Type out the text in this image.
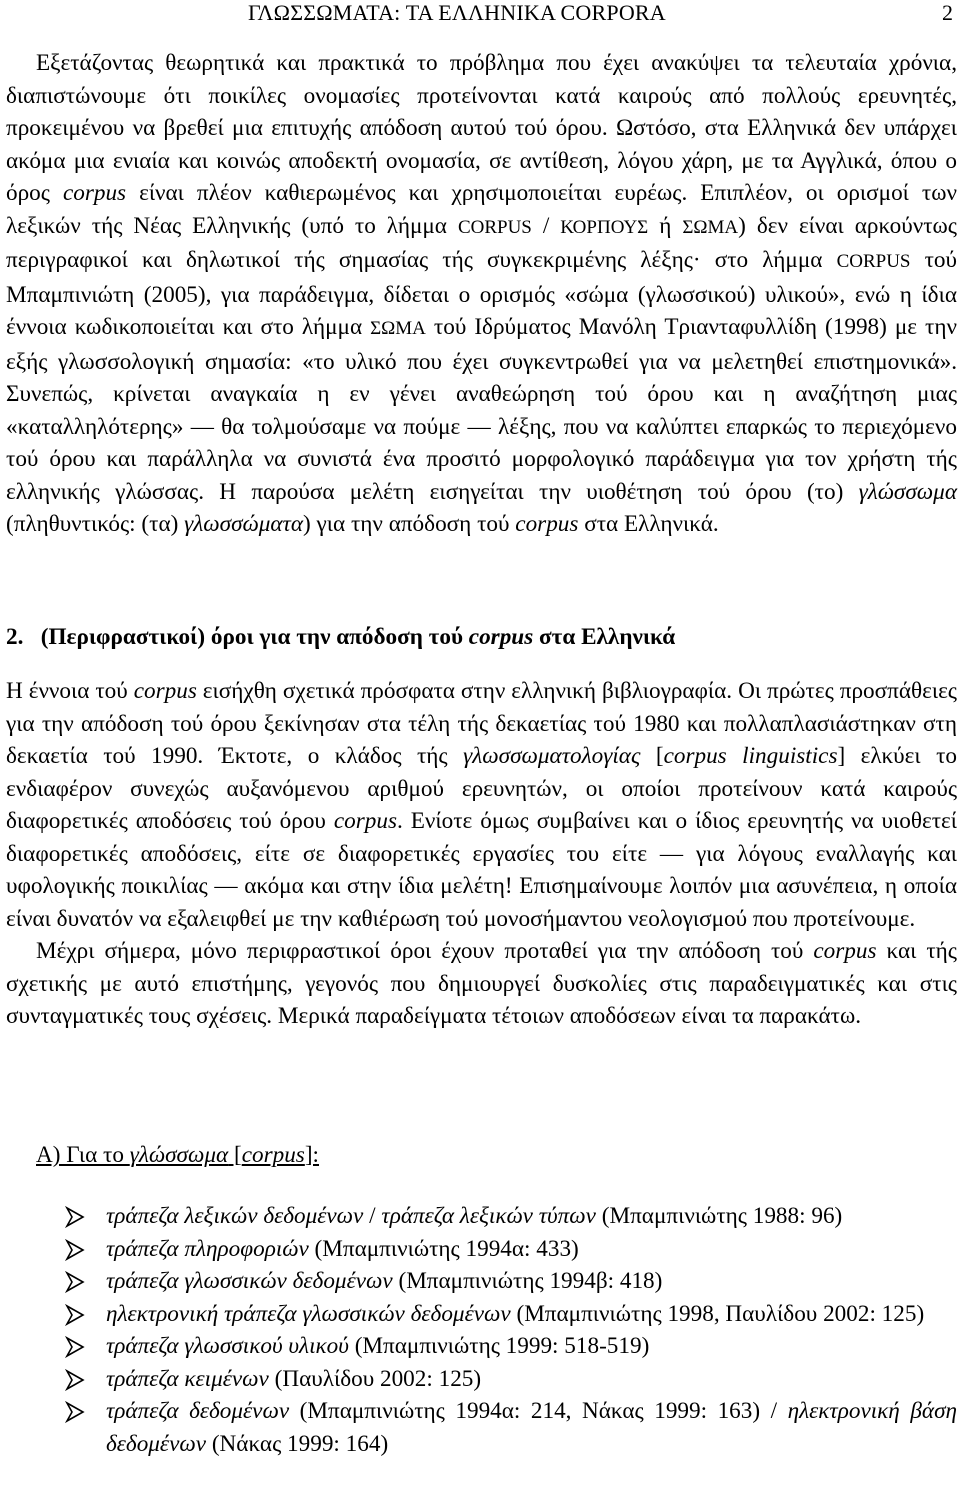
ΓΛΩΣΣΩΜΑΤΑ: ΤΑ ΕΛΛΗΝΙΚΑ CORPORA	2

Εξετάζοντας θεωρητικά και πρακτικά το πρόβλημα που έχει ανακύψει τα τελευταία χρόνια, διαπιστώνουμε ότι ποικίλες ονομασίες προτείνονται κατά καιρούς από πολλούς ερευνητές, προκειμένου να βρεθεί μια επιτυχής απόδοση αυτού τού όρου. Ωστόσο, στα Ελληνικά δεν υπάρχει ακόμα μια ενιαία και κοινώς αποδεκτή ονομασία, σε αντίθεση, λόγου χάρη, με τα Αγγλικά, όπου ο όρος corpus είναι πλέον καθιερωμένος και χρησιμοποιείται ευρέως. Επιπλέον, οι ορισμοί των λεξικών τής Νέας Ελληνικής (υπό το λήμμα CORPUS / ΚΟΡΠΟΥΣ ή ΣΩΜΑ) δεν είναι αρκούντως περιγραφικοί και δηλωτικοί τής σημασίας τής συγκεκριμένης λέξης· στο λήμμα CORPUS τού Μπαμπινιώτη (2005), για παράδειγμα, δίδεται ο ορισμός «σώμα (γλωσσικού) υλικού», ενώ η ίδια έννοια κωδικοποιείται και στο λήμμα ΣΩΜΑ τού Ιδρύματος Μανόλη Τριανταφυλλίδη (1998) με την εξής γλωσσολογική σημασία: «το υλικό που έχει συγκεντρωθεί για να μελετηθεί επιστημονικά». Συνεπώς, κρίνεται αναγκαία η εν γένει αναθεώρηση τού όρου και η αναζήτηση μιας «καταλληλότερης» — θα τολμούσαμε να πούμε — λέξης, που να καλύπτει επαρκώς το περιεχόμενο τού όρου και παράλληλα να συνιστά ένα προσιτό μορφολογικό παράδειγμα για τον χρήστη τής ελληνικής γλώσσας. Η παρούσα μελέτη εισηγείται την υιοθέτηση τού όρου (το) γλώσσωμα (πληθυντικός: (τα) γλωσσώματα) για την απόδοση τού corpus στα Ελληνικά.

2. (Περιφραστικοί) όροι για την απόδοση τού corpus στα Ελληνικά

Η έννοια τού corpus εισήχθη σχετικά πρόσφατα στην ελληνική βιβλιογραφία. Οι πρώτες προσπάθειες για την απόδοση τού όρου ξεκίνησαν στα τέλη τής δεκαετίας τού 1980 και πολλαπλασιάστηκαν στη δεκαετία τού 1990. Έκτοτε, ο κλάδος τής γλωσσωματολογίας [corpus linguistics] ελκύει το ενδιαφέρον συνεχώς αυξανόμενου αριθμού ερευνητών, οι οποίοι προτείνουν κατά καιρούς διαφορετικές αποδόσεις τού όρου corpus. Ενίοτε όμως συμβαίνει και ο ίδιος ερευνητής να υιοθετεί διαφορετικές αποδόσεις, είτε σε διαφορετικές εργασίες του είτε — για λόγους εναλλαγής και υφολογικής ποικιλίας — ακόμα και στην ίδια μελέτη! Επισημαίνουμε λοιπόν μια ασυνέπεια, η οποία είναι δυνατόν να εξαλειφθεί με την καθιέρωση τού μονοσήμαντου νεολογισμού που προτείνουμε.

Μέχρι σήμερα, μόνο περιφραστικοί όροι έχουν προταθεί για την απόδοση τού corpus και τής σχετικής με αυτό επιστήμης, γεγονός που δημιουργεί δυσκολίες στις παραδειγματικές και στις συνταγματικές τους σχέσεις. Μερικά παραδείγματα τέτοιων αποδόσεων είναι τα παρακάτω.

Α) Για το γλώσσωμα [corpus]:
τράπεζα λεξικών δεδομένων / τράπεζα λεξικών τύπων (Μπαμπινιώτης 1988: 96)
τράπεζα πληροφοριών (Μπαμπινιώτης 1994α: 433)
τράπεζα γλωσσικών δεδομένων (Μπαμπινιώτης 1994β: 418)
ηλεκτρονική τράπεζα γλωσσικών δεδομένων (Μπαμπινιώτης 1998, Παυλίδου 2002: 125)
τράπεζα γλωσσικού υλικού (Μπαμπινιώτης 1999: 518-519)
τράπεζα κειμένων (Παυλίδου 2002: 125)
τράπεζα δεδομένων (Μπαμπινιώτης 1994α: 214, Νάκας 1999: 163) / ηλεκτρονική βάση δεδομένων (Νάκας 1999: 164)
